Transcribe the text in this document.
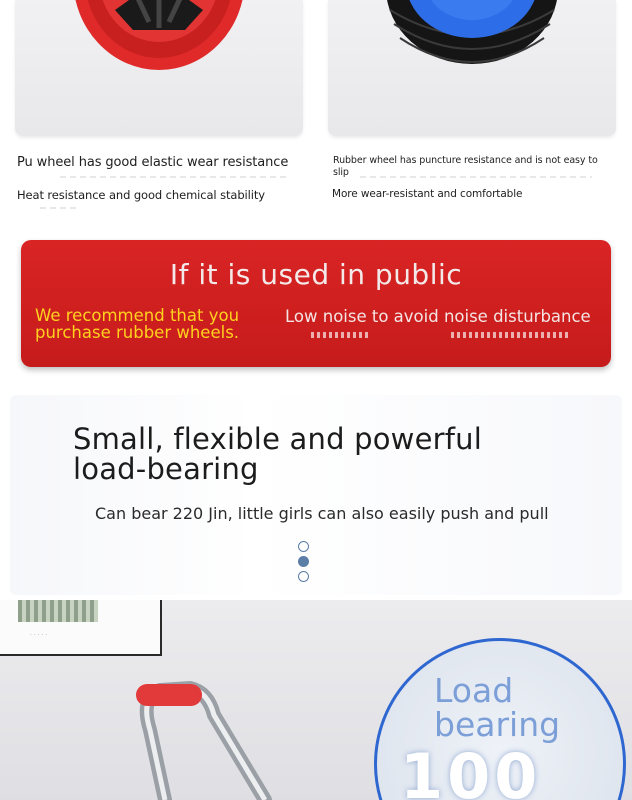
Pu wheel has good elastic wear resistance
Heat resistance and good chemical stability
Rubber wheel has puncture resistance and is not easy to slip
More wear-resistant and comfortable
If it is used in public
We recommend that you purchase rubber wheels.
Low noise to avoid noise disturbance
Small, flexible and powerful load-bearing
Can bear 220 Jin, little girls can also easily push and pull
· · · · ·
Load bearing
100
